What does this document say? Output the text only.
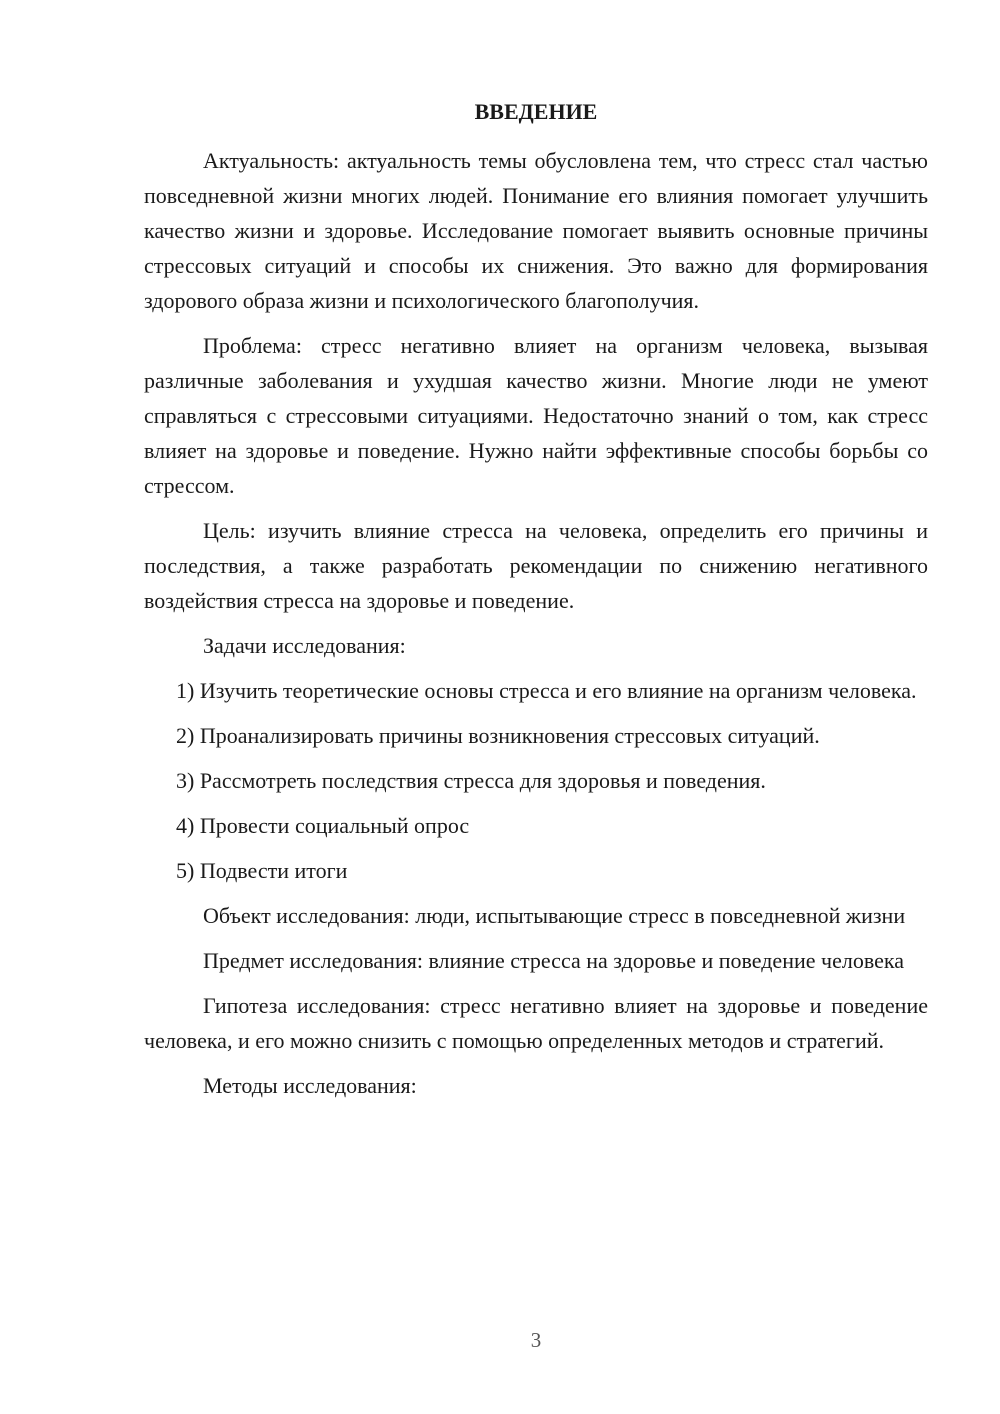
ВВЕДЕНИЕ

Актуальность: актуальность темы обусловлена тем, что стресс стал частью повседневной жизни многих людей. Понимание его влияния помогает улучшить качество жизни и здоровье. Исследование помогает выявить основные причины стрессовых ситуаций и способы их снижения. Это важно для формирования здорового образа жизни и психологического благополучия.

Проблема: стресс негативно влияет на организм человека, вызывая различные заболевания и ухудшая качество жизни. Многие люди не умеют справляться с стрессовыми ситуациями. Недостаточно знаний о том, как стресс влияет на здоровье и поведение. Нужно найти эффективные способы борьбы со стрессом.

Цель: изучить влияние стресса на человека, определить его причины и последствия, а также разработать рекомендации по снижению негативного воздействия стресса на здоровье и поведение.

Задачи исследования:

1) Изучить теоретические основы стресса и его влияние на организм человека.

2) Проанализировать причины возникновения стрессовых ситуаций.

3) Рассмотреть последствия стресса для здоровья и поведения.

4) Провести социальный опрос

5) Подвести итоги

Объект исследования: люди, испытывающие стресс в повседневной жизни

Предмет исследования: влияние стресса на здоровье и поведение человека

Гипотеза исследования: стресс негативно влияет на здоровье и поведение человека, и его можно снизить с помощью определенных методов и стратегий.

Методы исследования:

3
